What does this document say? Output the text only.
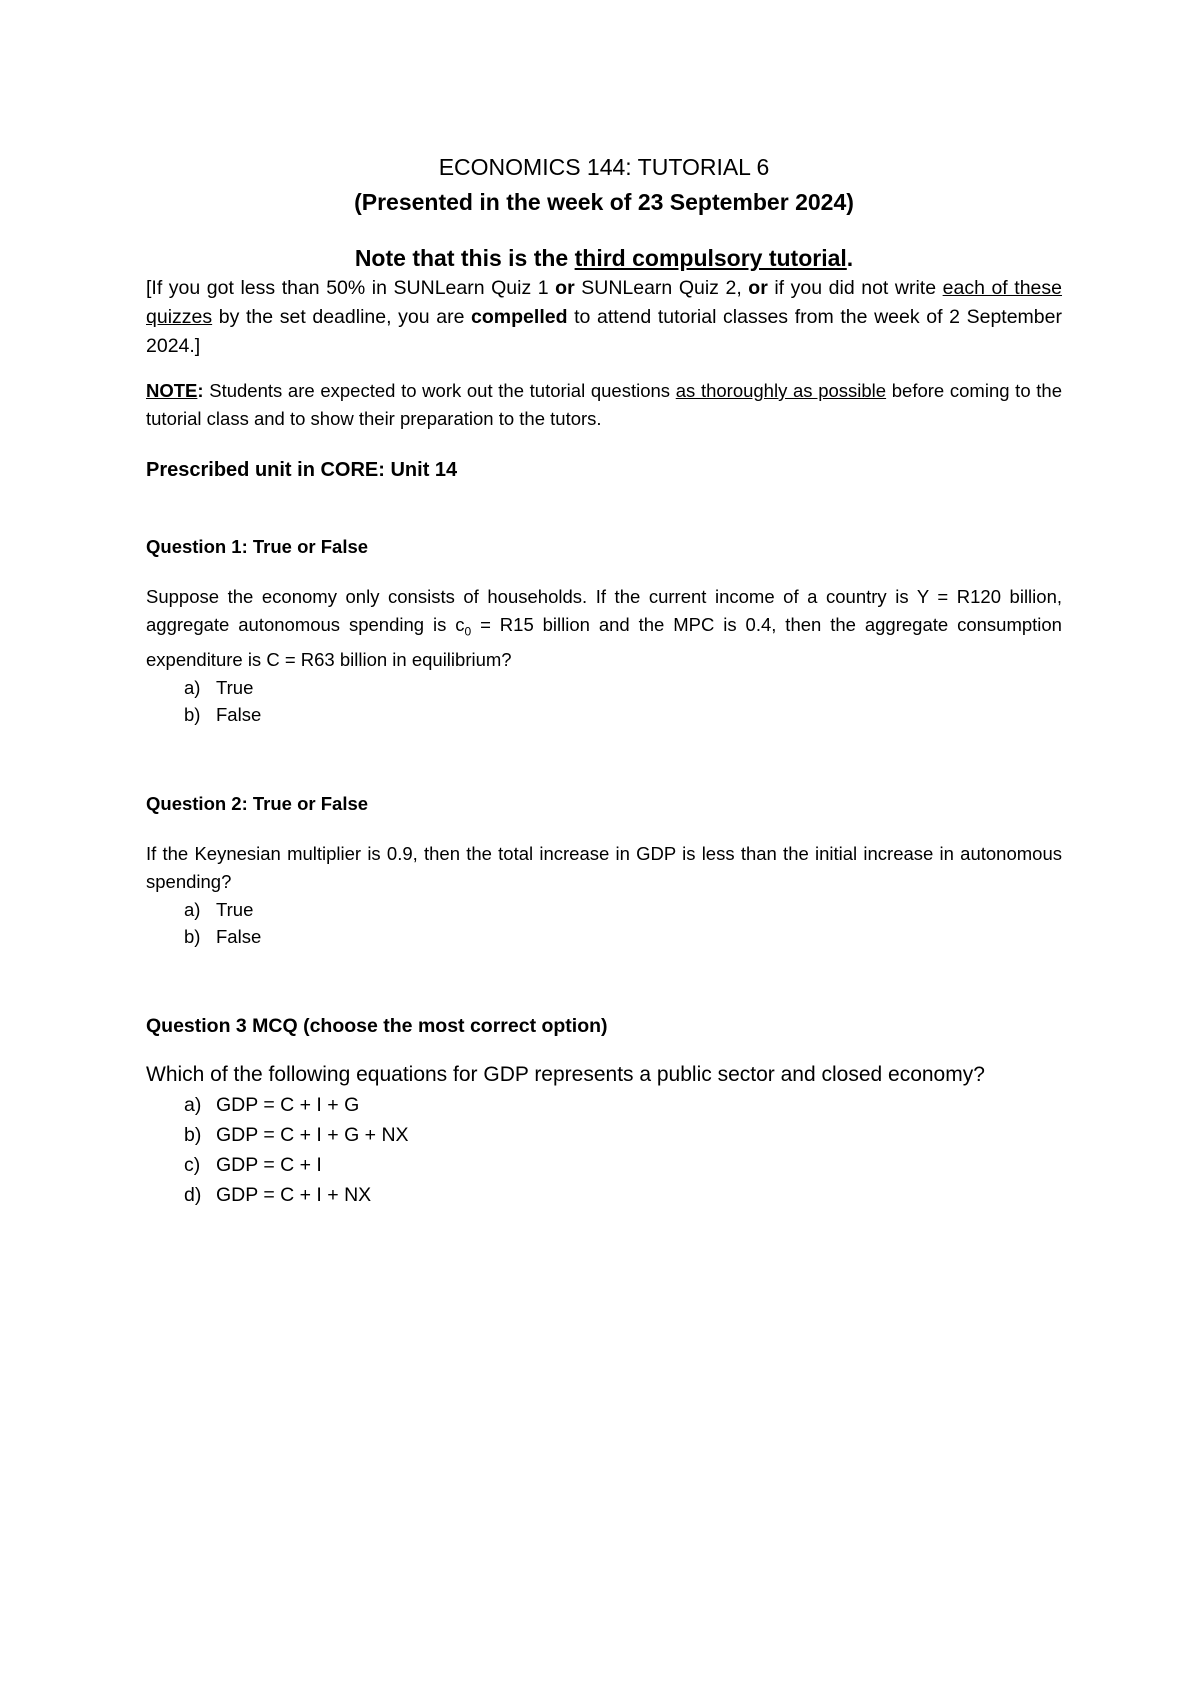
ECONOMICS 144: TUTORIAL 6

(Presented in the week of 23 September 2024)

Note that this is the third compulsory tutorial.

[If you got less than 50% in SUNLearn Quiz 1 or SUNLearn Quiz 2, or if you did not write each of these quizzes by the set deadline, you are compelled to attend tutorial classes from the week of 2 September 2024.]

NOTE: Students are expected to work out the tutorial questions as thoroughly as possible before coming to the tutorial class and to show their preparation to the tutors.

Prescribed unit in CORE: Unit 14

Question 1: True or False

Suppose the economy only consists of households. If the current income of a country is Y = R120 billion, aggregate autonomous spending is $c_0 = R15$ billion and the MPC is 0.4, then the aggregate consumption expenditure is C = R63 billion in equilibrium?

a) True
b) False

Question 2: True or False

If the Keynesian multiplier is 0.9, then the total increase in GDP is less than the initial increase in autonomous spending?

a) True
b) False

Question 3 MCQ (choose the most correct option)

Which of the following equations for GDP represents a public sector and closed economy?

a) GDP = C + I + G
b) GDP = C + I + G + NX
c) GDP = C + I
d) GDP = C + I + NX
